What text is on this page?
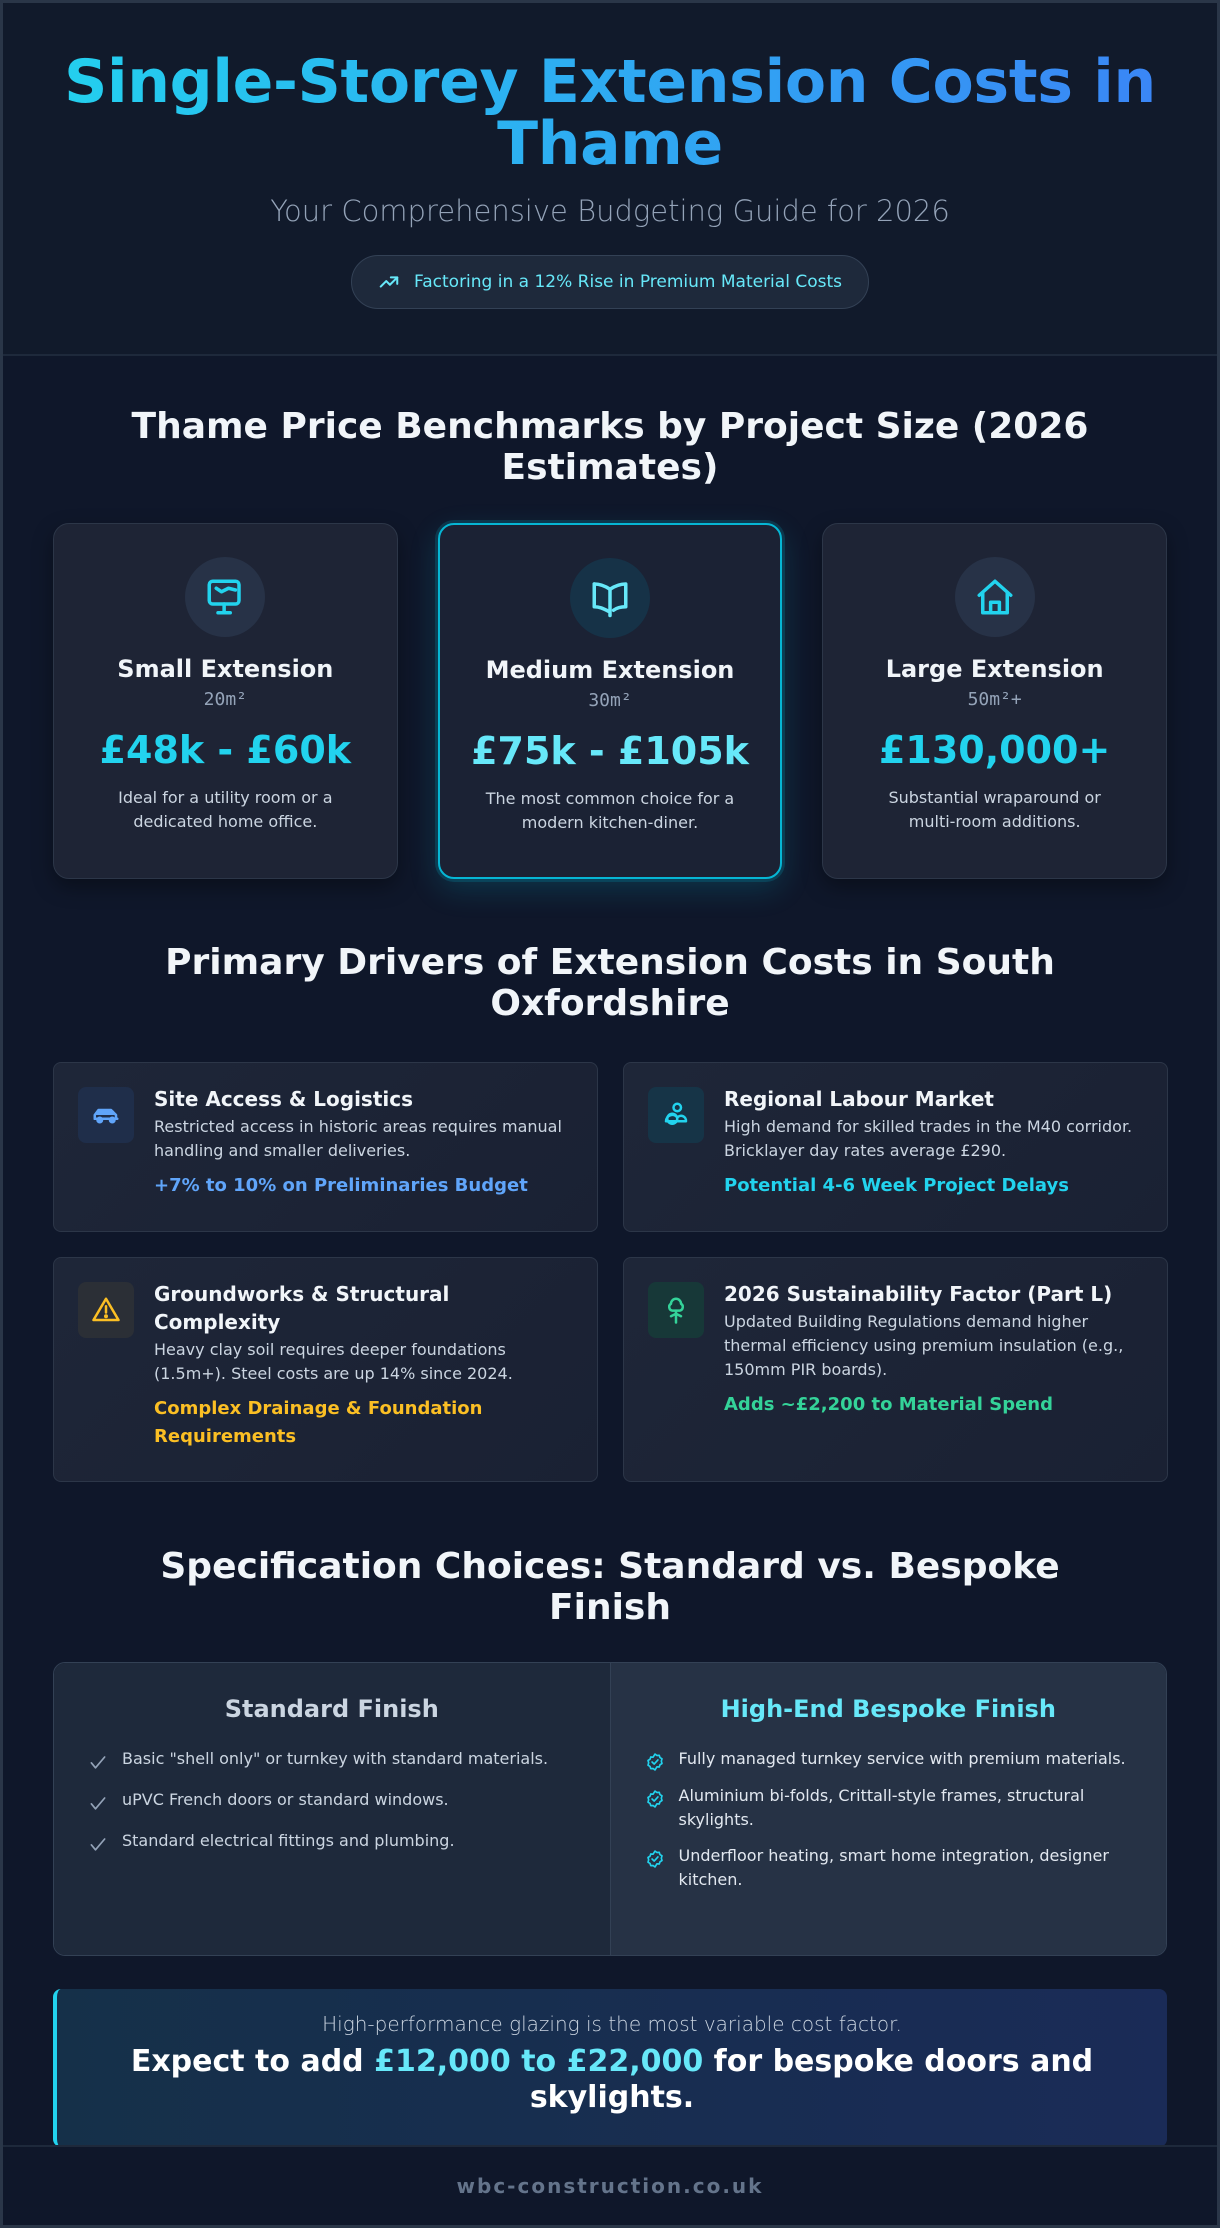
Single-Storey Extension Costs in Thame

Your Comprehensive Budgeting Guide for 2026

Factoring in a 12% Rise in Premium Material Costs
Thame Price Benchmarks by Project Size (2026 Estimates)
Small Extension
20m²
£48k - £60k
Ideal for a utility room or a dedicated home office.
Medium Extension
30m²
£75k - £105k
The most common choice for a modern kitchen-diner.
Large Extension
50m²+
£130,000+
Substantial wraparound or multi-room additions.
Primary Drivers of Extension Costs in South Oxfordshire
Site Access & Logistics
Restricted access in historic areas requires manual handling and smaller deliveries.
+7% to 10% on Preliminaries Budget
Regional Labour Market
High demand for skilled trades in the M40 corridor. Bricklayer day rates average £290.
Potential 4-6 Week Project Delays
Groundworks & Structural Complexity
Heavy clay soil requires deeper foundations (1.5m+). Steel costs are up 14% since 2024.
Complex Drainage & Foundation Requirements
2026 Sustainability Factor (Part L)
Updated Building Regulations demand higher thermal efficiency using premium insulation (e.g., 150mm PIR boards).
Adds ~£2,200 to Material Spend
Specification Choices: Standard vs. Bespoke Finish
Standard Finish
Basic "shell only" or turnkey with standard materials.
uPVC French doors or standard windows.
Standard electrical fittings and plumbing.
High-End Bespoke Finish
Fully managed turnkey service with premium materials.
Aluminium bi-folds, Crittall-style frames, structural skylights.
Underfloor heating, smart home integration, designer kitchen.
High-performance glazing is the most variable cost factor.
Expect to add £12,000 to £22,000 for bespoke doors and skylights.
wbc-construction.co.uk
